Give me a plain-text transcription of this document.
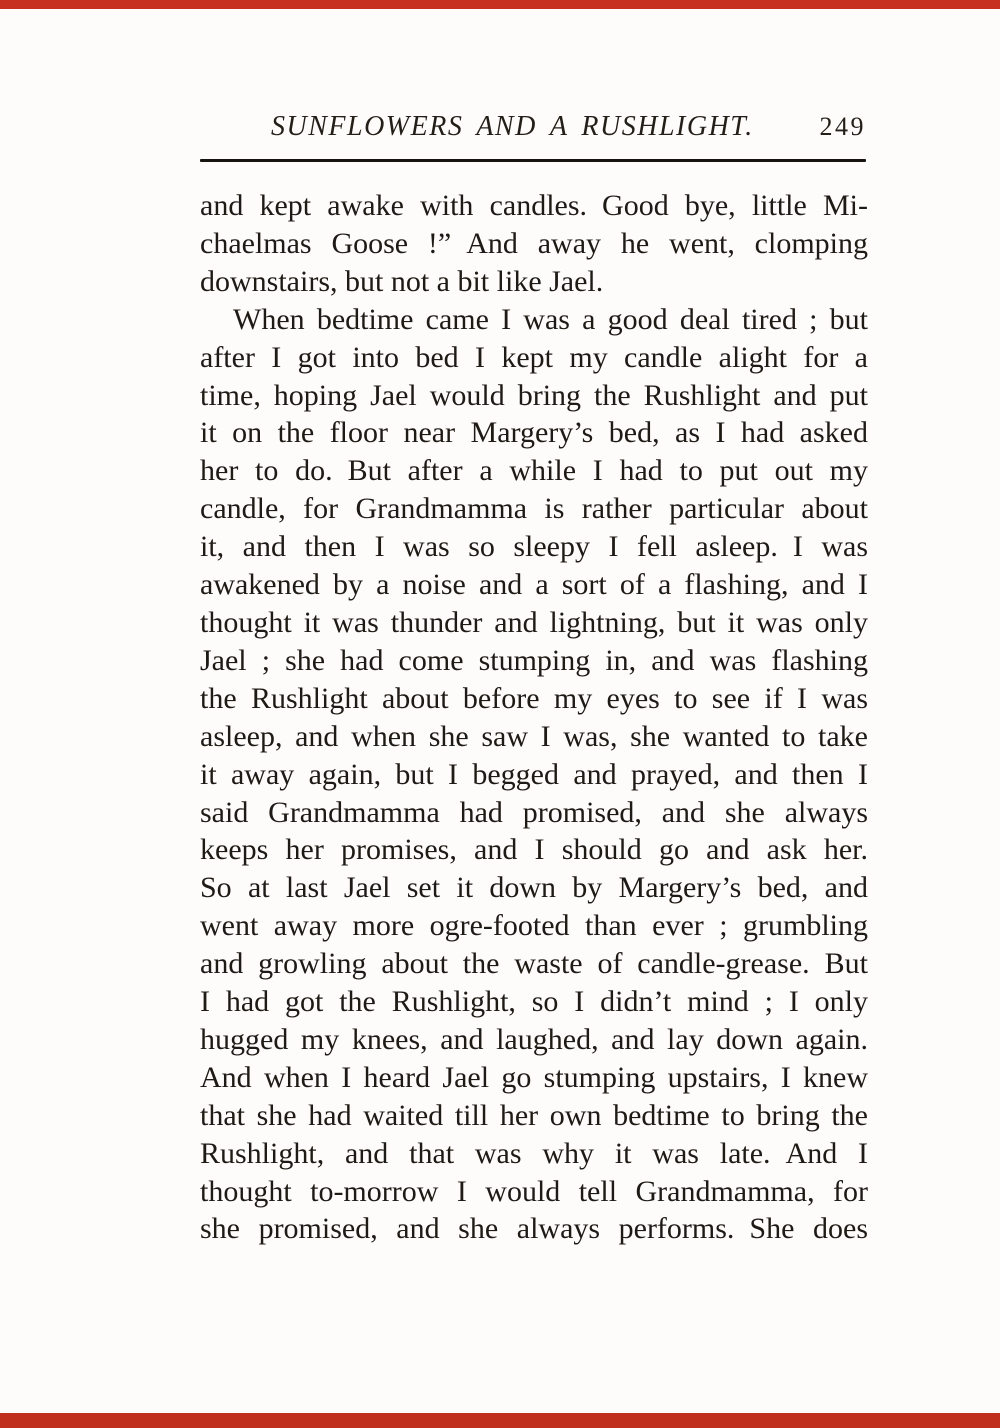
SUNFLOWERS AND A RUSHLIGHT.	249
and kept awake with candles. Good bye, little Mi-
chaelmas Goose !” And away he went, clomping
downstairs, but not a bit like Jael.
When bedtime came I was a good deal tired ; but
after I got into bed I kept my candle alight for a
time, hoping Jael would bring the Rushlight and put
it on the floor near Margery’s bed, as I had asked
her to do. But after a while I had to put out my
candle, for Grandmamma is rather particular about
it, and then I was so sleepy I fell asleep. I was
awakened by a noise and a sort of a flashing, and I
thought it was thunder and lightning, but it was only
Jael ; she had come stumping in, and was flashing
the Rushlight about before my eyes to see if I was
asleep, and when she saw I was, she wanted to take
it away again, but I begged and prayed, and then I
said Grandmamma had promised, and she always
keeps her promises, and I should go and ask her.
So at last Jael set it down by Margery’s bed, and
went away more ogre-footed than ever ; grumbling
and growling about the waste of candle-grease. But
I had got the Rushlight, so I didn’t mind ; I only
hugged my knees, and laughed, and lay down again.
And when I heard Jael go stumping upstairs, I knew
that she had waited till her own bedtime to bring the
Rushlight, and that was why it was late. And I
thought to-morrow I would tell Grandmamma, for
she promised, and she always performs. She does
